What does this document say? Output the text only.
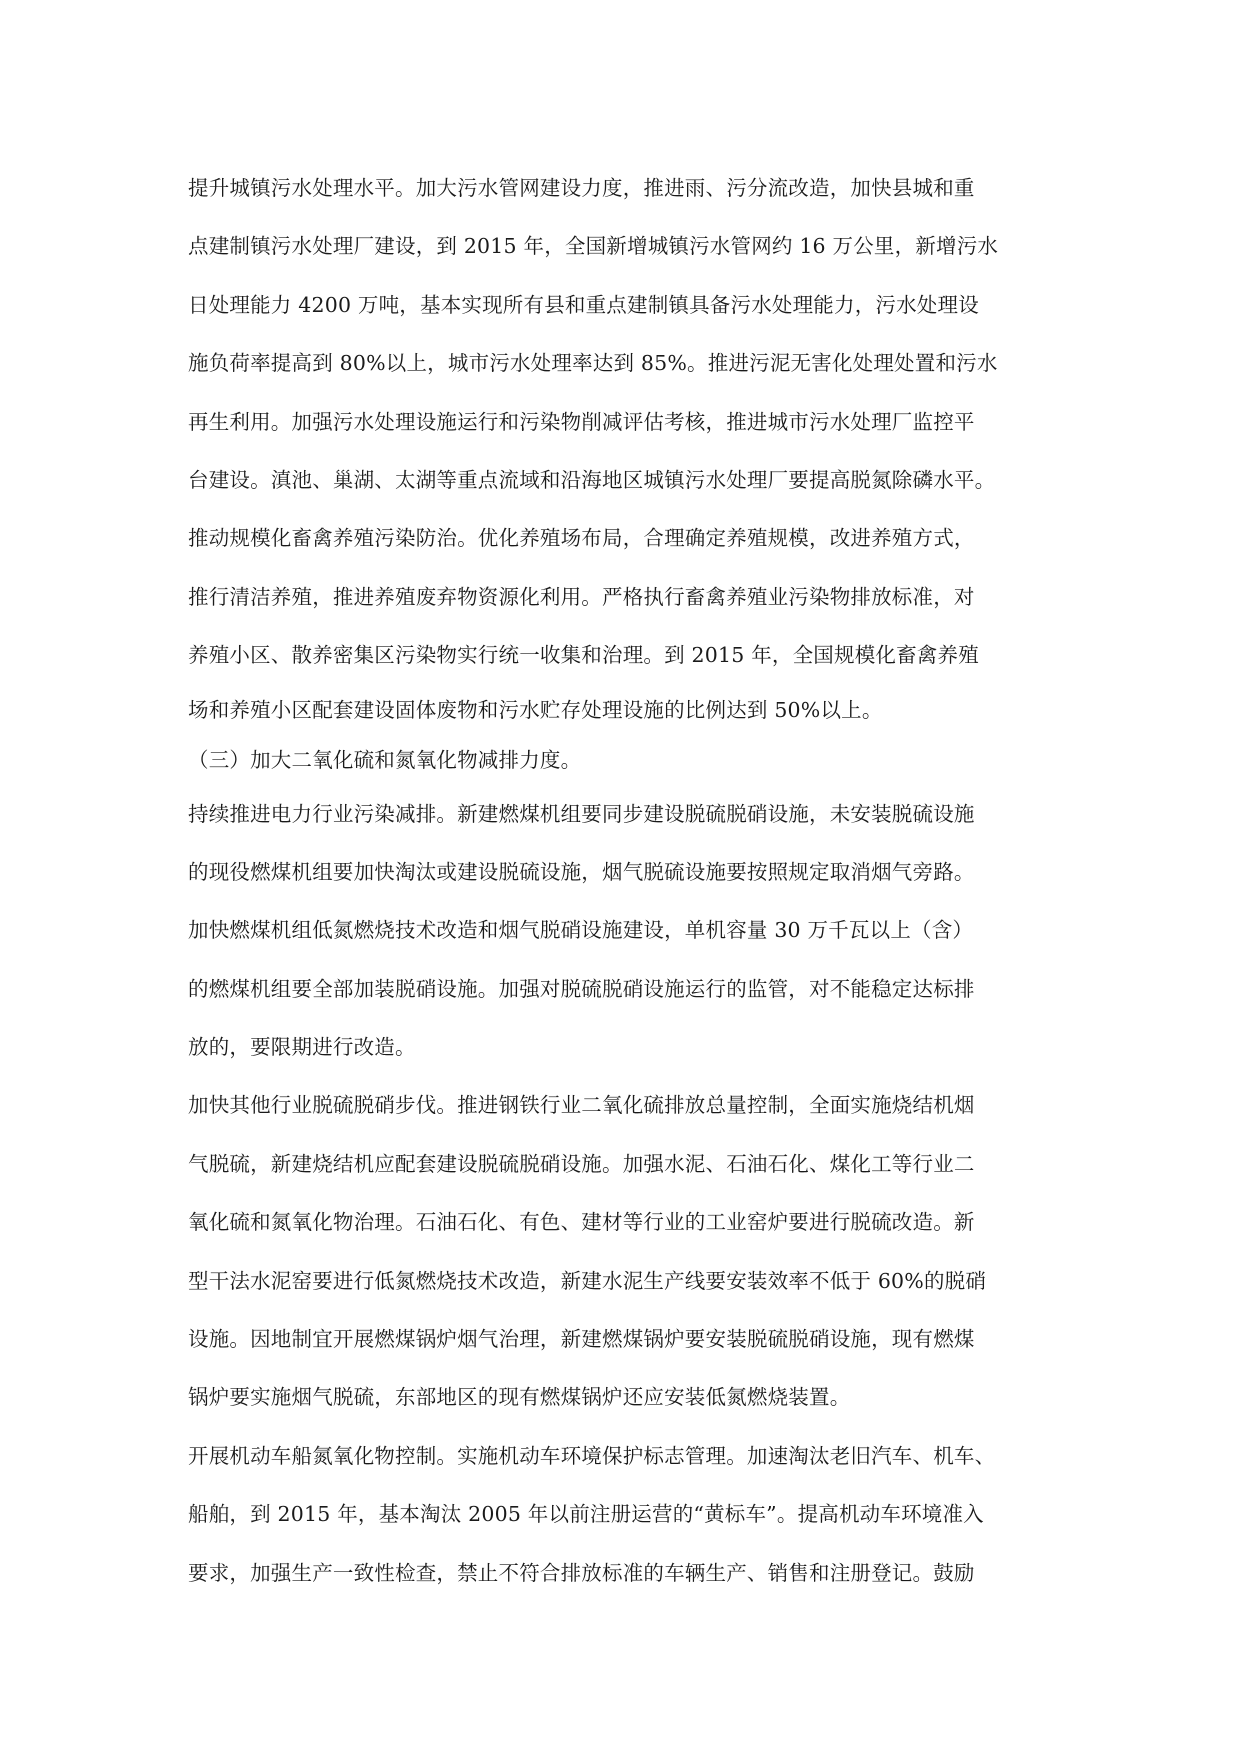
提升城镇污水处理水平。加大污水管网建设力度，推进雨、污分流改造，加快县城和重
点建制镇污水处理厂建设，到 2015 年，全国新增城镇污水管网约 16 万公里，新增污水
日处理能力 4200 万吨，基本实现所有县和重点建制镇具备污水处理能力，污水处理设
施负荷率提高到 80%以上，城市污水处理率达到 85%。推进污泥无害化处理处置和污水
再生利用。加强污水处理设施运行和污染物削减评估考核，推进城市污水处理厂监控平
台建设。滇池、巢湖、太湖等重点流域和沿海地区城镇污水处理厂要提高脱氮除磷水平。
推动规模化畜禽养殖污染防治。优化养殖场布局，合理确定养殖规模，改进养殖方式，
推行清洁养殖，推进养殖废弃物资源化利用。严格执行畜禽养殖业污染物排放标准，对
养殖小区、散养密集区污染物实行统一收集和治理。到 2015 年，全国规模化畜禽养殖
场和养殖小区配套建设固体废物和污水贮存处理设施的比例达到 50%以上。
（三）加大二氧化硫和氮氧化物减排力度。
持续推进电力行业污染减排。新建燃煤机组要同步建设脱硫脱硝设施，未安装脱硫设施
的现役燃煤机组要加快淘汰或建设脱硫设施，烟气脱硫设施要按照规定取消烟气旁路。
加快燃煤机组低氮燃烧技术改造和烟气脱硝设施建设，单机容量 30 万千瓦以上（含）
的燃煤机组要全部加装脱硝设施。加强对脱硫脱硝设施运行的监管，对不能稳定达标排
放的，要限期进行改造。
加快其他行业脱硫脱硝步伐。推进钢铁行业二氧化硫排放总量控制，全面实施烧结机烟
气脱硫，新建烧结机应配套建设脱硫脱硝设施。加强水泥、石油石化、煤化工等行业二
氧化硫和氮氧化物治理。石油石化、有色、建材等行业的工业窑炉要进行脱硫改造。新
型干法水泥窑要进行低氮燃烧技术改造，新建水泥生产线要安装效率不低于 60%的脱硝
设施。因地制宜开展燃煤锅炉烟气治理，新建燃煤锅炉要安装脱硫脱硝设施，现有燃煤
锅炉要实施烟气脱硫，东部地区的现有燃煤锅炉还应安装低氮燃烧装置。
开展机动车船氮氧化物控制。实施机动车环境保护标志管理。加速淘汰老旧汽车、机车、
船舶，到 2015 年，基本淘汰 2005 年以前注册运营的“黄标车”。提高机动车环境准入
要求，加强生产一致性检查，禁止不符合排放标准的车辆生产、销售和注册登记。鼓励
